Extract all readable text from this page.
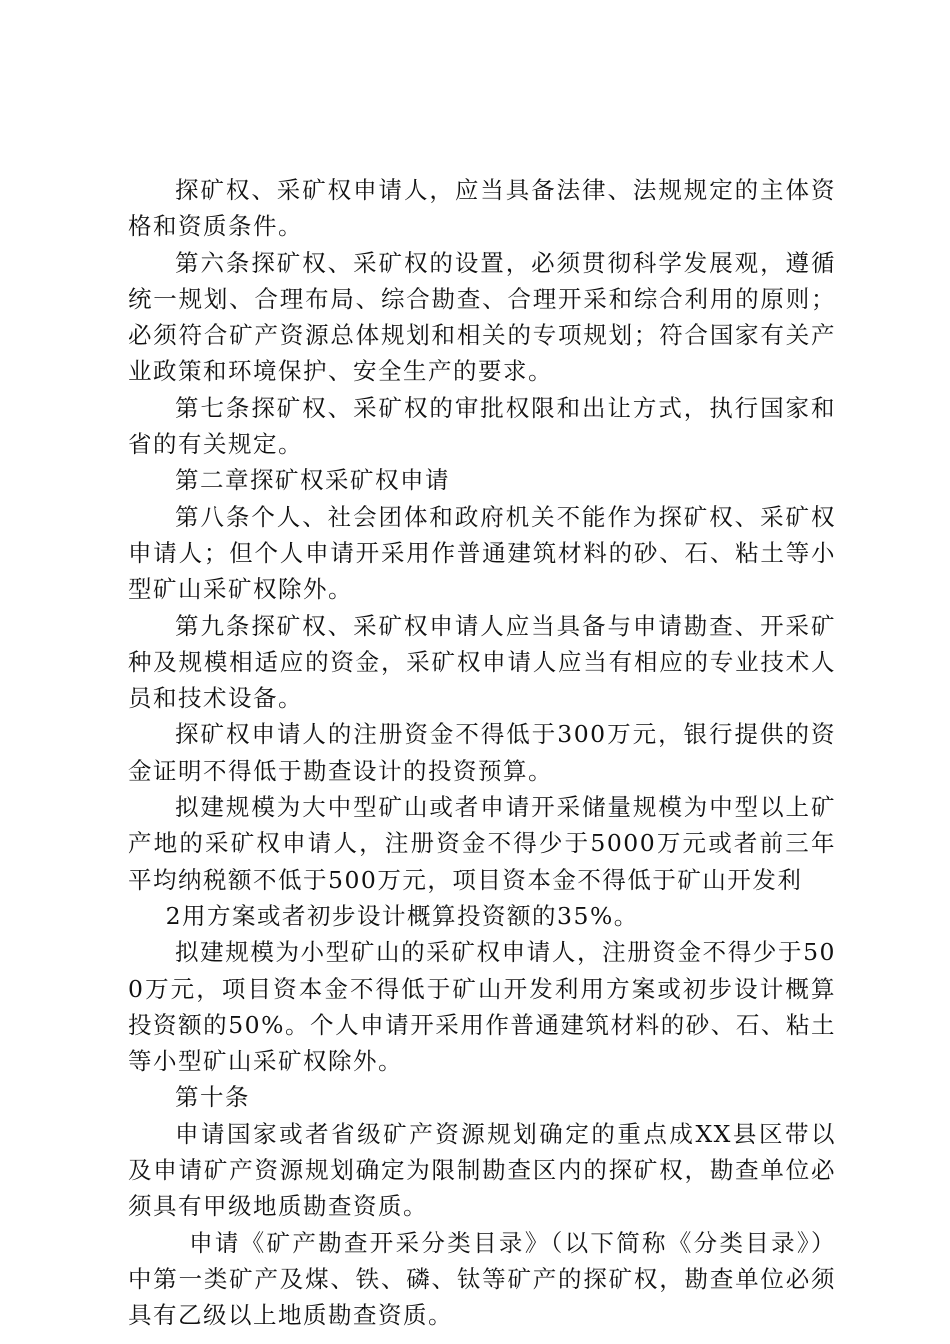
探矿权、采矿权申请人，应当具备法律、法规规定的主体资格和资质条件。

第六条探矿权、采矿权的设置，必须贯彻科学发展观，遵循统一规划、合理布局、综合勘查、合理开采和综合利用的原则；必须符合矿产资源总体规划和相关的专项规划；符合国家有关产业政策和环境保护、安全生产的要求。

第七条探矿权、采矿权的审批权限和出让方式，执行国家和省的有关规定。

第二章探矿权采矿权申请

第八条个人、社会团体和政府机关不能作为探矿权、采矿权申请人；但个人申请开采用作普通建筑材料的砂、石、粘土等小型矿山采矿权除外。

第九条探矿权、采矿权申请人应当具备与申请勘查、开采矿种及规模相适应的资金，采矿权申请人应当有相应的专业技术人员和技术设备。

探矿权申请人的注册资金不得低于300万元，银行提供的资金证明不得低于勘查设计的投资预算。

拟建规模为大中型矿山或者申请开采储量规模为中型以上矿产地的采矿权申请人，注册资金不得少于5000万元或者前三年平均纳税额不低于500万元，项目资本金不得低于矿山开发利

2用方案或者初步设计概算投资额的35%。

拟建规模为小型矿山的采矿权申请人，注册资金不得少于500万元，项目资本金不得低于矿山开发利用方案或初步设计概算投资额的50%。个人申请开采用作普通建筑材料的砂、石、粘土等小型矿山采矿权除外。

第十条

申请国家或者省级矿产资源规划确定的重点成XX县区带以及申请矿产资源规划确定为限制勘查区内的探矿权，勘查单位必须具有甲级地质勘查资质。

申请《矿产勘查开采分类目录》（以下简称《分类目录》）中第一类矿产及煤、铁、磷、钛等矿产的探矿权，勘查单位必须具有乙级以上地质勘查资质。
